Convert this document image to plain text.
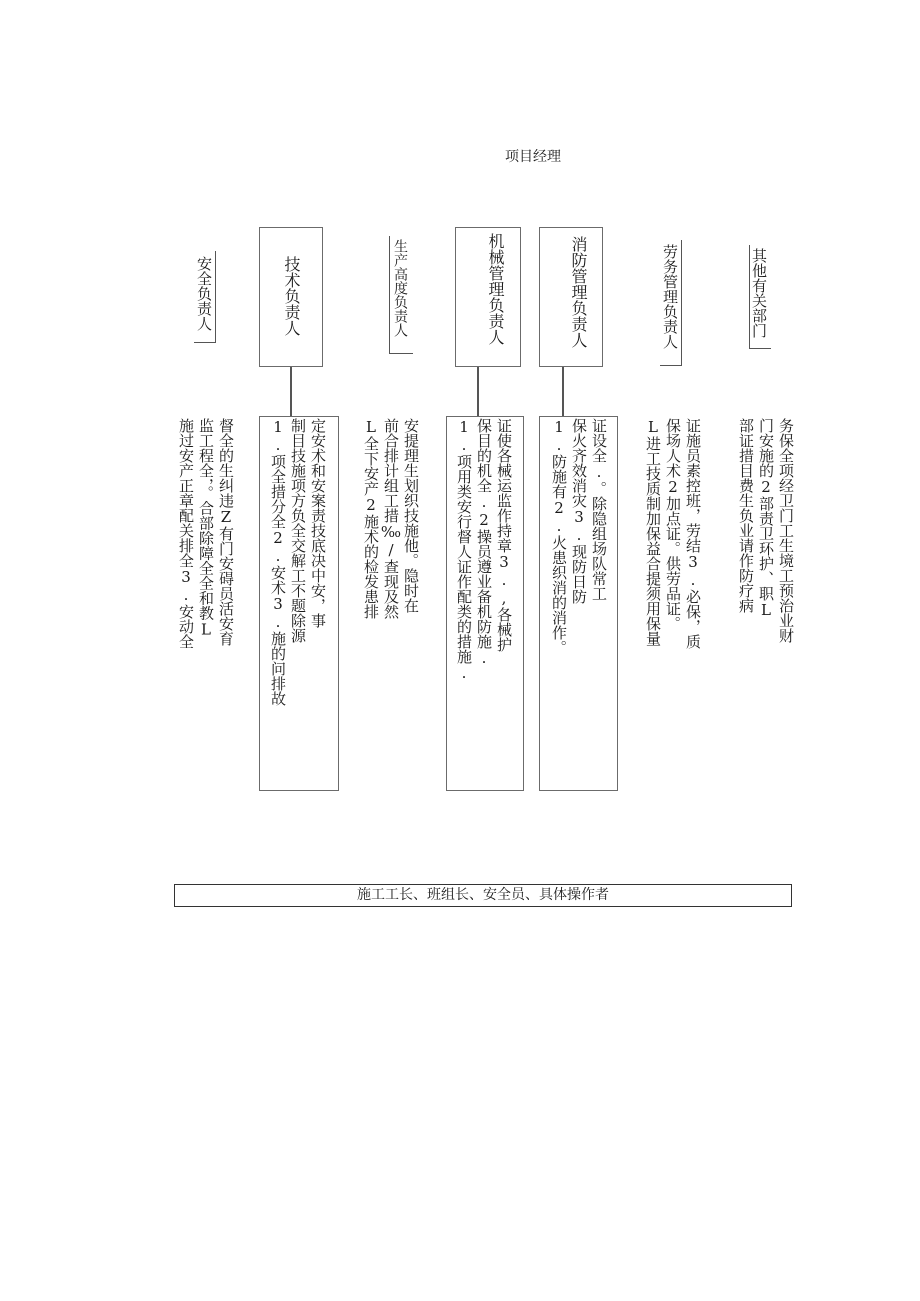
项目经理
安全负责人	技术负责人	生产高度负责人	机械管理负责人	消防管理负责人	劳务管理负责人	其他有关部门
督全的生纠违Z有门安碍员活安育
监工程全，。合部除障全全和教L
施过安产正章配关排全3.安动全	定安术和安案责技底决中安，事
制目技施项方负全交解工不题除源
1.项全措分全2.安术3.施的问排故	安提理生划织技施他。隐时在
前合排计组工措‰/查现及然
L全下安产2施术的检发患排	证使各械运监作持章3.,各械护
保目的机全.2操员遵业备机防施.
1.项用类安行督人证作配类的措施.	证设全.。除隐组场队常工
保火齐效消灾3.现防日防
1.防施有2.火患织消的消作。	证施员素控班，劳结3.必保，质
保场人术2加点证。供劳品证。
L进工技质制加保益合提须用保量	务保全项经卫门工生境工预治业财
门安施的2部责卫环护、职L
部证措目费生负业请作防疗病
施工工长、班组长、安全员、具体操作者
